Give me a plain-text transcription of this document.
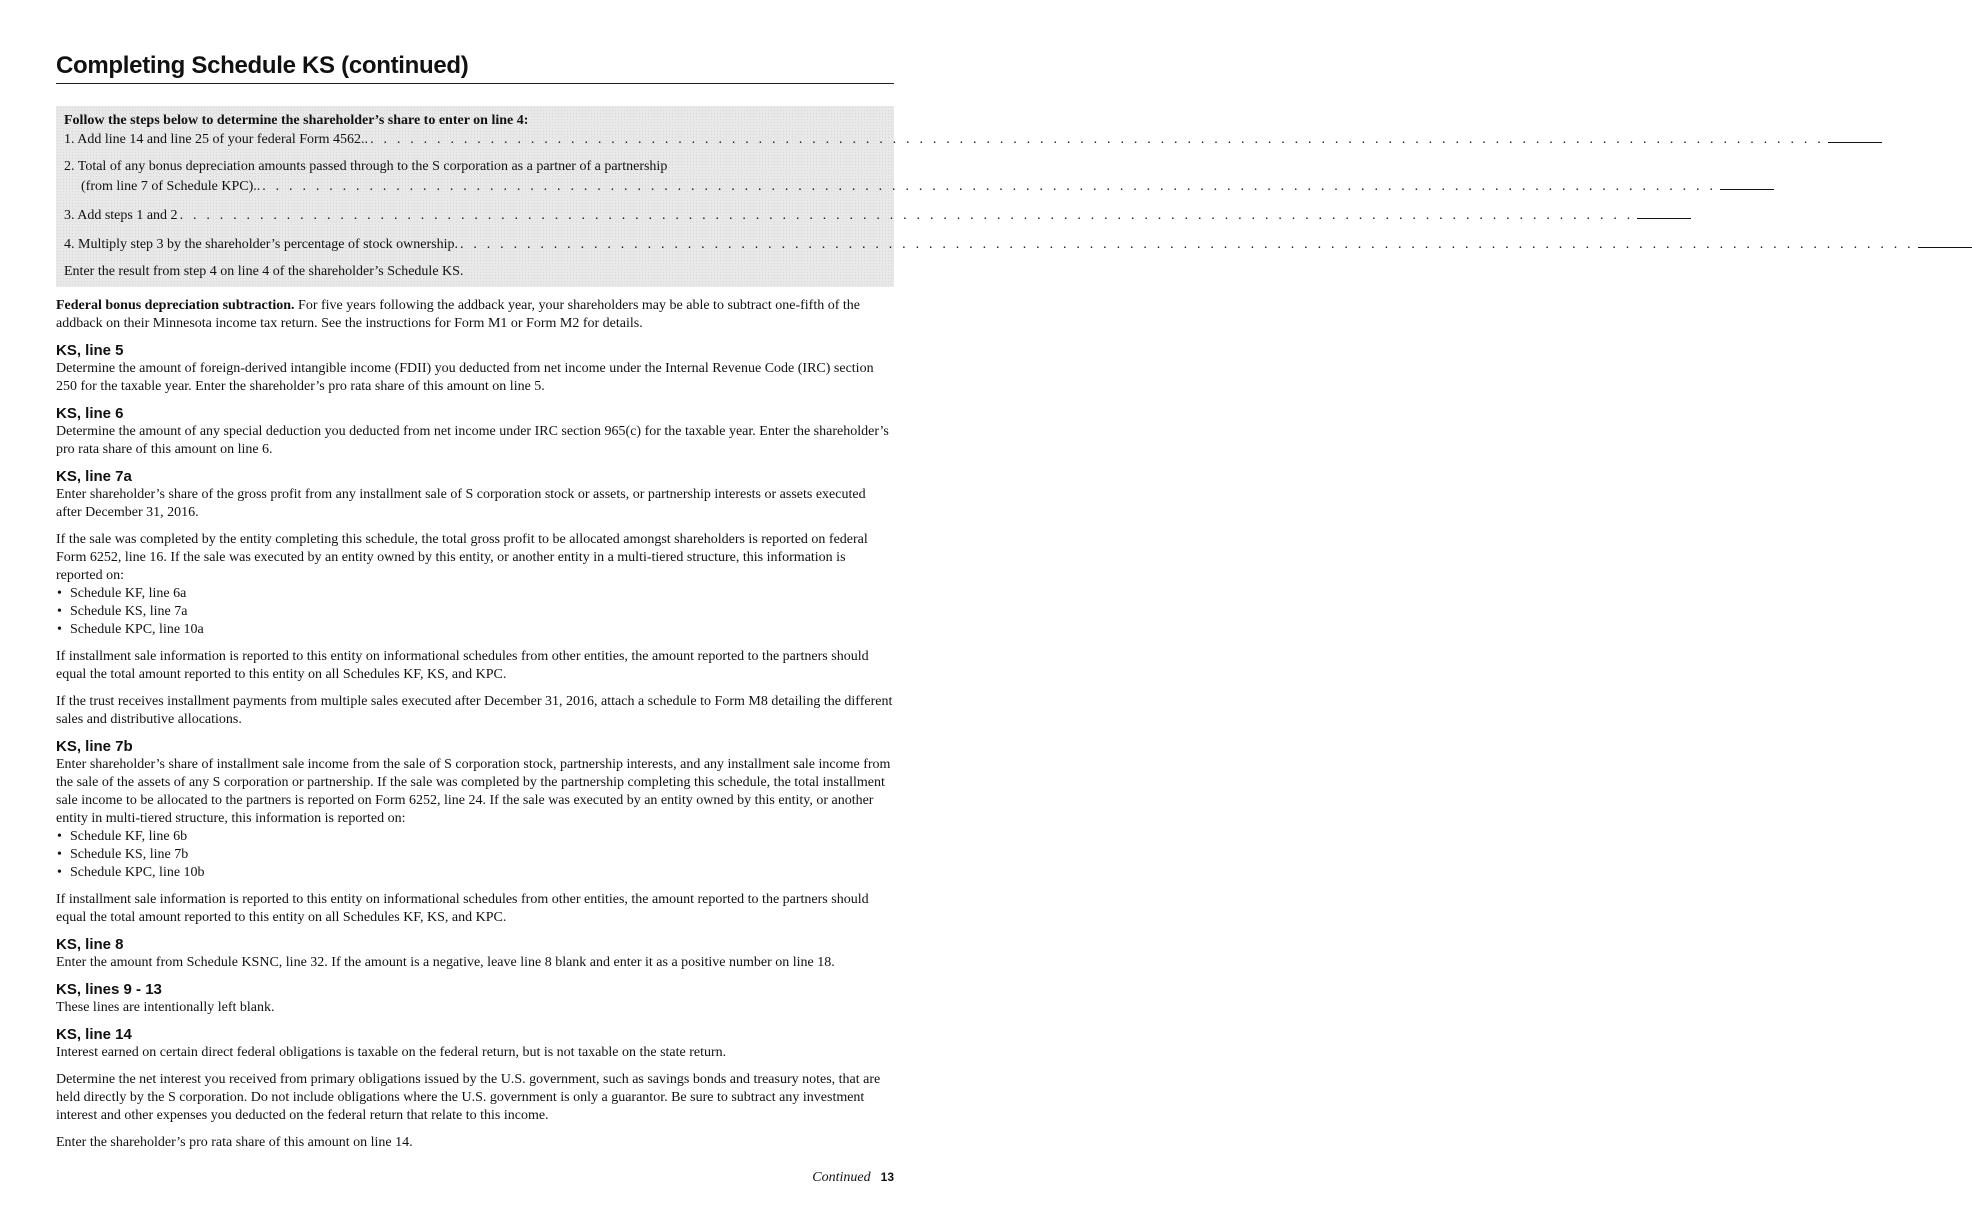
Completing Schedule KS (continued)
Follow the steps below to determine the shareholder’s share to enter on line 4:
1. Add line 14 and line 25 of your federal Form 4562.. . . . . . . . . . . . . . . . . . . . . . . . . . . . . . . . . . . . . . . . . . . . . . . . . . . . . . . . . . . . . . . . . . . . . . . . . . . . . . . . . . . . . . . . . . . . . . . . . . . . . . . . . . . . . .
2. Total of any bonus depreciation amounts passed through to the S corporation as a partner of a partnership
(from line 7 of Schedule KPC).. . . . . . . . . . . . . . . . . . . . . . . . . . . . . . . . . . . . . . . . . . . . . . . . . . . . . . . . . . . . . . . . . . . . . . . . . . . . . . . . . . . . . . . . . . . . . . . . . . . . . . . . . . . . . .
3. Add steps 1 and 2 . . . . . . . . . . . . . . . . . . . . . . . . . . . . . . . . . . . . . . . . . . . . . . . . . . . . . . . . . . . . . . . . . . . . . . . . . . . . . . . . . . . . . . . . . . . . . . . . . . . . . . . . . . . . .
4. Multiply step 3 by the shareholder’s percentage of stock ownership. . . . . . . . . . . . . . . . . . . . . . . . . . . . . . . . . . . . . . . . . . . . . . . . . . . . . . . . . . . . . . . . . . . . . . . . . . . . . . . . . . . . . . . . . . . . . . . . . . . . . . . . . . . . . .
Enter the result from step 4 on line 4 of the shareholder’s Schedule KS.

Federal bonus depreciation subtraction. For five years following the addback year, your shareholders may be able to subtract one-fifth of the addback on their Minnesota income tax return. See the instructions for Form M1 or Form M2 for details.

KS, line 5

Determine the amount of foreign-derived intangible income (FDII) you deducted from net income under the Internal Revenue Code (IRC) section 250 for the taxable year. Enter the shareholder’s pro rata share of this amount on line 5.

KS, line 6

Determine the amount of any special deduction you deducted from net income under IRC section 965(c) for the taxable year. Enter the shareholder’s pro rata share of this amount on line 6.

KS, line 7a

Enter shareholder’s share of the gross profit from any installment sale of S corporation stock or assets, or partnership interests or assets executed after December 31, 2016.

If the sale was completed by the entity completing this schedule, the total gross profit to be allocated amongst shareholders is reported on federal Form 6252, line 16. If the sale was executed by an entity owned by this entity, or another entity in a multi-tiered structure, this information is reported on:

• Schedule KF, line 6a
• Schedule KS, line 7a
• Schedule KPC, line 10a

If installment sale information is reported to this entity on informational schedules from other entities, the amount reported to the partners should equal the total amount reported to this entity on all Schedules KF, KS, and KPC.

If the trust receives installment payments from multiple sales executed after December 31, 2016, attach a schedule to Form M8 detailing the different sales and distributive allocations.

KS, line 7b

Enter shareholder’s share of installment sale income from the sale of S corporation stock, partnership interests, and any installment sale income from the sale of the assets of any S corporation or partnership. If the sale was completed by the partnership completing this schedule, the total installment sale income to be allocated to the partners is reported on Form 6252, line 24. If the sale was executed by an entity owned by this entity, or another entity in multi-tiered structure, this information is reported on:

• Schedule KF, line 6b
• Schedule KS, line 7b
• Schedule KPC, line 10b

If installment sale information is reported to this entity on informational schedules from other entities, the amount reported to the partners should equal the total amount reported to this entity on all Schedules KF, KS, and KPC.

KS, line 8

Enter the amount from Schedule KSNC, line 32. If the amount is a negative, leave line 8 blank and enter it as a positive number on line 18.

KS, lines 9 - 13

These lines are intentionally left blank.

KS, line 14

Interest earned on certain direct federal obligations is taxable on the federal return, but is not taxable on the state return.

Determine the net interest you received from primary obligations issued by the U.S. government, such as savings bonds and treasury notes, that are held directly by the S corporation. Do not include obligations where the U.S. government is only a guarantor. Be sure to subtract any investment interest and other expenses you deducted on the federal return that relate to this income.

Enter the shareholder’s pro rata share of this amount on line 14.

Continued 13
